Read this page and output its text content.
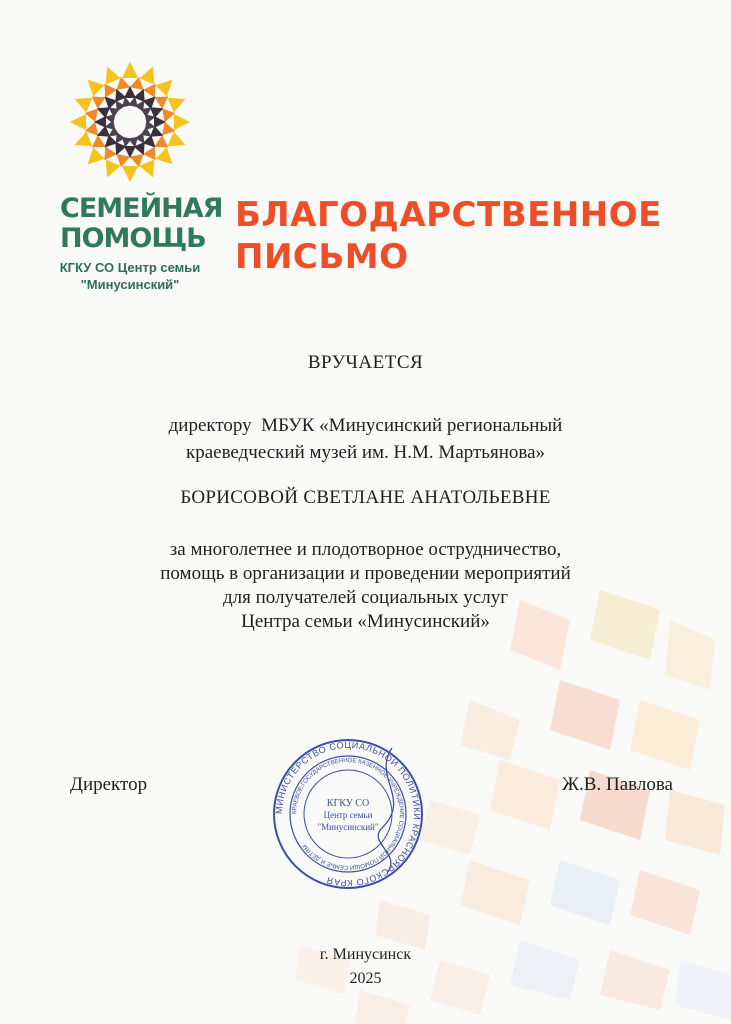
СЕМЕЙНАЯ
ПОМОЩЬ
КГКУ СО Центр семьи
"Минусинский"
БЛАГОДАРСТВЕННОЕ
ПИСЬМО
ВРУЧАЕТСЯ
директору  МБУК «Минусинский региональный
краеведческий музей им. Н.М. Мартьянова»
БОРИСОВОЙ СВЕТЛАНЕ АНАТОЛЬЕВНЕ
за многолетнее и плодотворное острудничество,
помощь в организации и проведении мероприятий
для получателей социальных услуг
Центра семьи «Минусинский»
Директор	Ж.В. Павлова
МИНИСТЕРСТВО СОЦИАЛЬНОЙ ПОЛИТИКИ КРАСНОЯРСКОГО КРАЯ
КРАЕВОЕ ГОСУДАРСТВЕННОЕ КАЗЕННОЕ УЧРЕЖДЕНИЕ СОЦИАЛЬНОЙ ПОМОЩИ СЕМЬЕ И ДЕТЯМ
КГКУ СО
Центр семьи
"Минусинский"
г. Минусинск
2025
